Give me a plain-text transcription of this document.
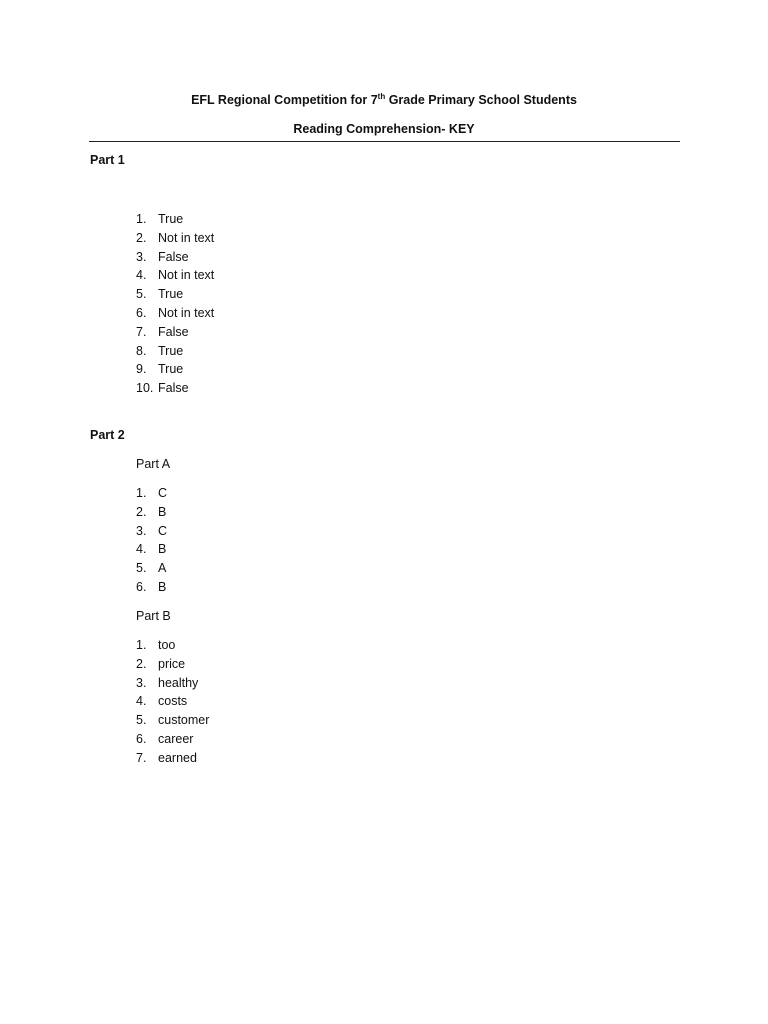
EFL Regional Competition for 7th Grade Primary School Students
Reading Comprehension- KEY
Part 1
1. True
2. Not in text
3. False
4. Not in text
5. True
6. Not in text
7. False
8. True
9. True
10. False
Part 2
Part A
1. C
2. B
3. C
4. B
5. A
6. B
Part B
1. too
2. price
3. healthy
4. costs
5. customer
6. career
7. earned
